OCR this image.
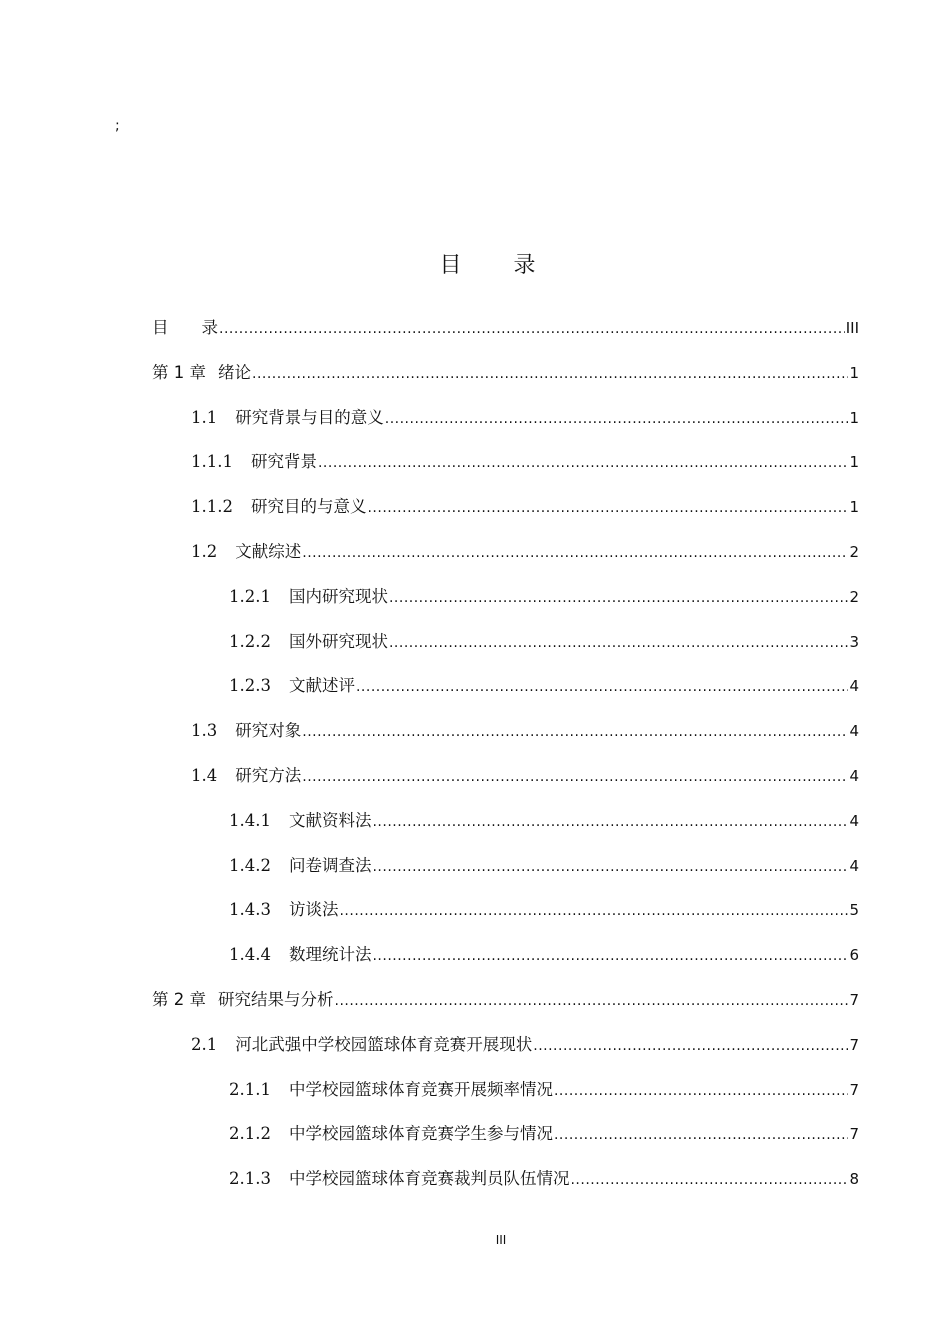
;
目 录
目　　录 .....	III
第 1 章 绪论 .....	1
1.1 研究背景与目的意义 .....	1
1.1.1 研究背景 .....	1
1.1.2 研究目的与意义 .....	1
1.2 文献综述 .....	2
1.2.1 国内研究现状 .....	2
1.2.2 国外研究现状 .....	3
1.2.3 文献述评 .....	4
1.3 研究对象 .....	4
1.4 研究方法 .....	4
1.4.1 文献资料法 .....	4
1.4.2 问卷调查法 .....	4
1.4.3 访谈法 .....	5
1.4.4 数理统计法 .....	6
第 2 章 研究结果与分析 .....	7
2.1 河北武强中学校园篮球体育竞赛开展现状 .....	7
2.1.1 中学校园篮球体育竞赛开展频率情况 .....	7
2.1.2 中学校园篮球体育竞赛学生参与情况 .....	7
2.1.3 中学校园篮球体育竞赛裁判员队伍情况 .....	8
III
